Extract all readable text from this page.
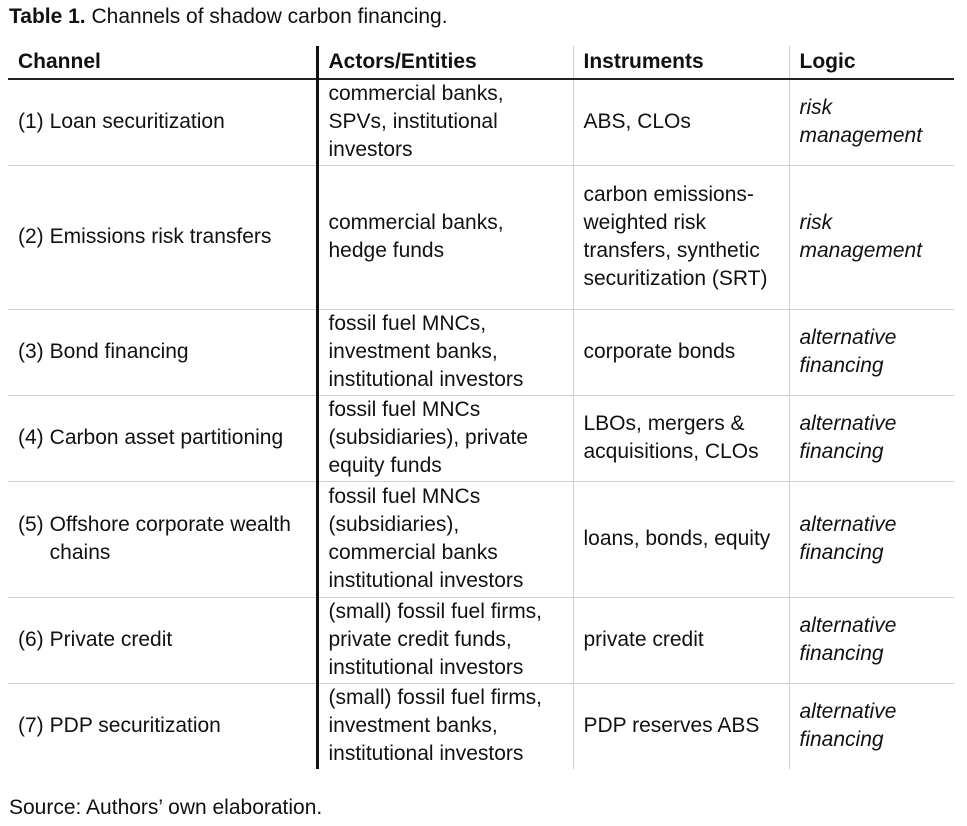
Table 1. Channels of shadow carbon financing.
Channel	Actors/Entities	Instruments	Logic

(1) Loan securitization	commercial banks, SPVs, institutional investors	ABS, CLOs	risk management

(2) Emissions risk transfers	commercial banks, hedge funds	carbon emissions-weighted risk transfers, synthetic securitization (SRT)	risk management

(3) Bond financing	fossil fuel MNCs, investment banks, institutional investors	corporate bonds	alternative financing

(4) Carbon asset partitioning	fossil fuel MNCs (subsidiaries), private equity funds	LBOs, mergers & acquisitions, CLOs	alternative financing

(5) Offshore corporate wealth chains	fossil fuel MNCs (subsidiaries), commercial banks institutional investors	loans, bonds, equity	alternative financing

(6) Private credit	(small) fossil fuel firms, private credit funds, institutional investors	private credit	alternative financing

(7) PDP securitization	(small) fossil fuel firms, investment banks, institutional investors	PDP reserves ABS	alternative financing
Source: Authors’ own elaboration.
